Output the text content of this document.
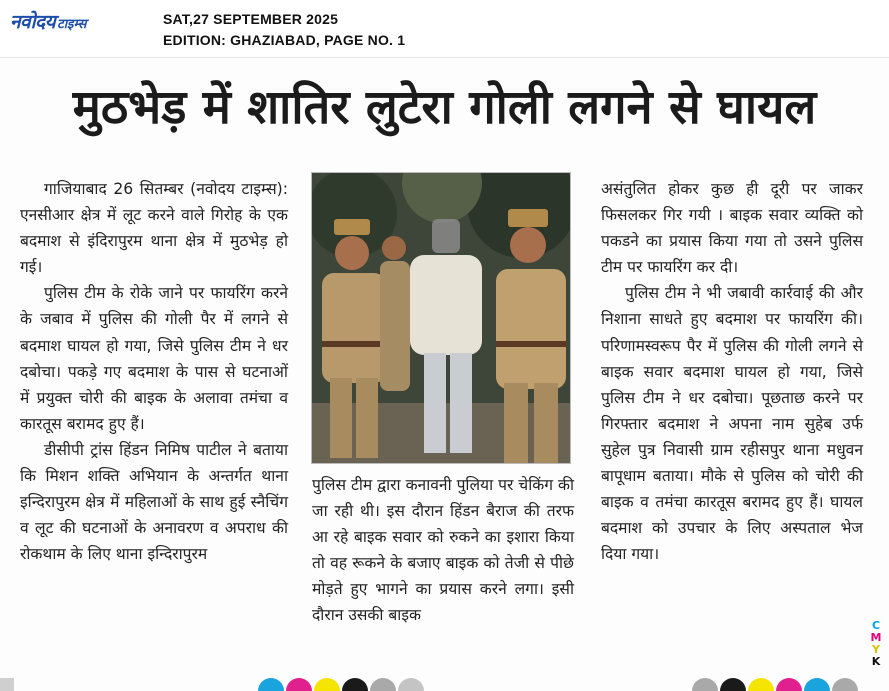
नवोदय टाइम्स	SAT,27 SEPTEMBER 2025
EDITION: GHAZIABAD, PAGE NO. 1
मुठभेड़ में शातिर लुटेरा गोली लगने से घायल

गाजियाबाद 26 सितम्बर (नवोदय टाइम्स): एनसीआर क्षेत्र में लूट करने वाले गिरोह के एक बदमाश से इंदिरापुरम थाना क्षेत्र में मुठभेड़ हो गई।

पुलिस टीम के रोके जाने पर फायरिंग करने के जबाव में पुलिस की गोली पैर में लगने से बदमाश घायल हो गया, जिसे पुलिस टीम ने धर दबोचा। पकड़े गए बदमाश के पास से घटनाओं में प्रयुक्त चोरी की बाइक के अलावा तमंचा व कारतूस बरामद हुए हैं।

डीसीपी ट्रांस हिंडन निमिष पाटील ने बताया कि मिशन शक्ति अभियान के अन्तर्गत थाना इन्दिरापुरम क्षेत्र में महिलाओं के साथ हुई स्नैचिंग व लूट की घटनाओं के अनावरण व अपराध की रोकथाम के लिए थाना इन्दिरापुरम

पुलिस टीम द्वारा कनावनी पुलिया पर चेकिंग की जा रही थी। इस दौरान हिंडन बैराज की तरफ आ रहे बाइक सवार को रुकने का इशारा किया तो वह रूकने के बजाए बाइक को तेजी से पीछे मोड़ते हुए भागने का प्रयास करने लगा। इसी दौरान उसकी बाइक

असंतुलित होकर कुछ ही दूरी पर जाकर फिसलकर गिर गयी । बाइक सवार व्यक्ति को पकडने का प्रयास किया गया तो उसने पुलिस टीम पर फायरिंग कर दी।

पुलिस टीम ने भी जबावी कार्रवाई की और निशाना साधते हुए बदमाश पर फायरिंग की। परिणामस्वरूप पैर में पुलिस की गोली लगने से बाइक सवार बदमाश घायल हो गया, जिसे पुलिस टीम ने धर दबोचा। पूछताछ करने पर गिरफ्तार बदमाश ने अपना नाम सुहेब उर्फ सुहेल पुत्र निवासी ग्राम रहीसपुर थाना मधुवन बापूधाम बताया। मौके से पुलिस को चोरी की बाइक व तमंचा कारतूस बरामद हुए हैं। घायल बदमाश को उपचार के लिए अस्पताल भेज दिया गया।

C
M
Y
K
